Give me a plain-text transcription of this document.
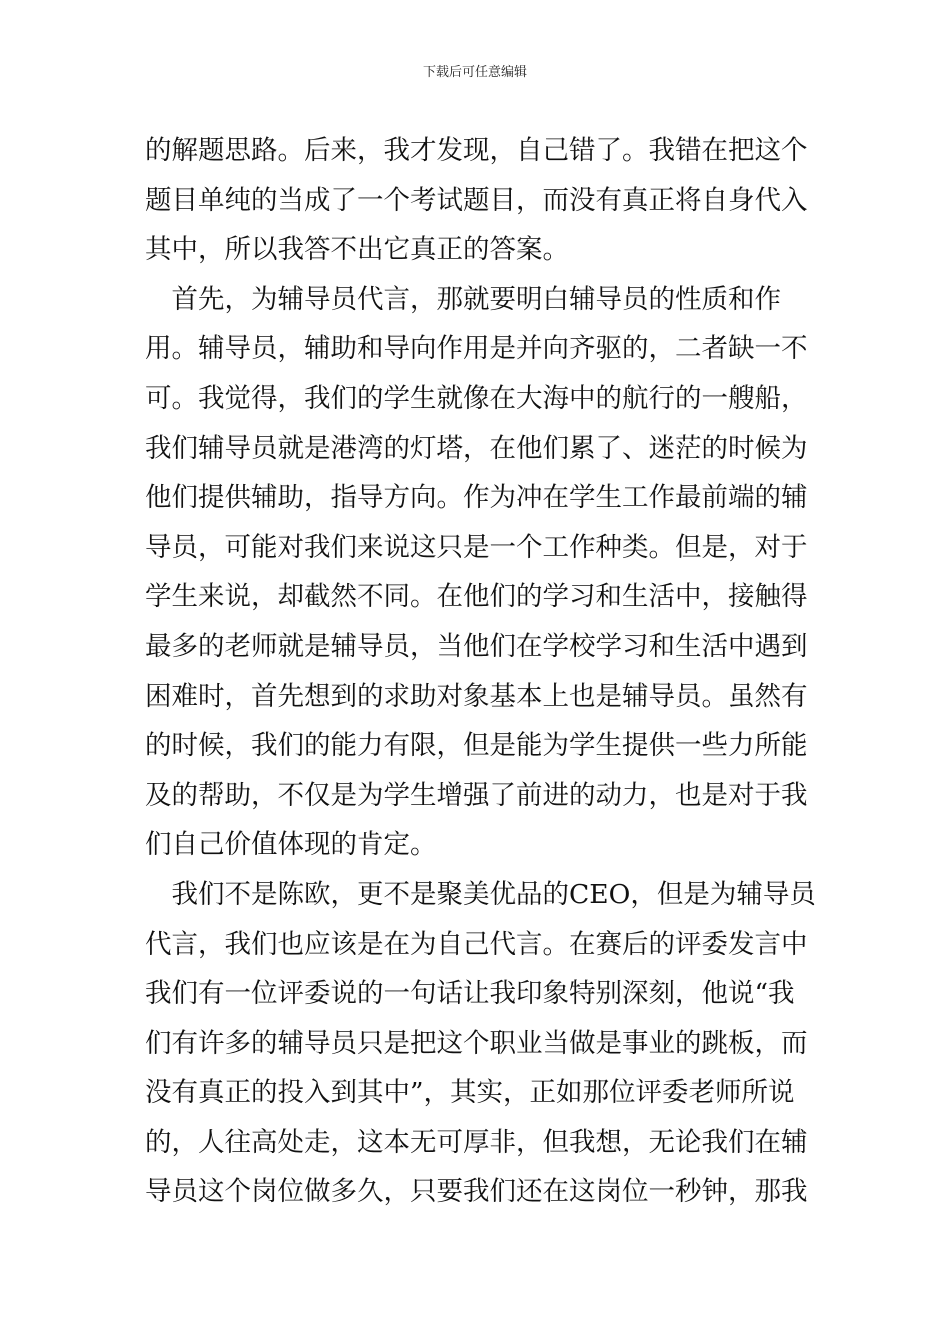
下载后可任意编辑
的解题思路。后来，我才发现，自己错了。我错在把这个
题目单纯的当成了一个考试题目，而没有真正将自身代入
其中，所以我答不出它真正的答案。
　首先，为辅导员代言，那就要明白辅导员的性质和作
用。辅导员，辅助和导向作用是并向齐驱的，二者缺一不
可。我觉得，我们的学生就像在大海中的航行的一艘船，
我们辅导员就是港湾的灯塔，在他们累了、迷茫的时候为
他们提供辅助，指导方向。作为冲在学生工作最前端的辅
导员，可能对我们来说这只是一个工作种类。但是，对于
学生来说，却截然不同。在他们的学习和生活中，接触得
最多的老师就是辅导员，当他们在学校学习和生活中遇到
困难时，首先想到的求助对象基本上也是辅导员。虽然有
的时候，我们的能力有限，但是能为学生提供一些力所能
及的帮助，不仅是为学生增强了前进的动力，也是对于我
们自己价值体现的肯定。
　我们不是陈欧，更不是聚美优品的CEO，但是为辅导员
代言，我们也应该是在为自己代言。在赛后的评委发言中
我们有一位评委说的一句话让我印象特别深刻，他说“我
们有许多的辅导员只是把这个职业当做是事业的跳板，而
没有真正的投入到其中”，其实，正如那位评委老师所说
的，人往高处走，这本无可厚非，但我想，无论我们在辅
导员这个岗位做多久，只要我们还在这岗位一秒钟，那我
